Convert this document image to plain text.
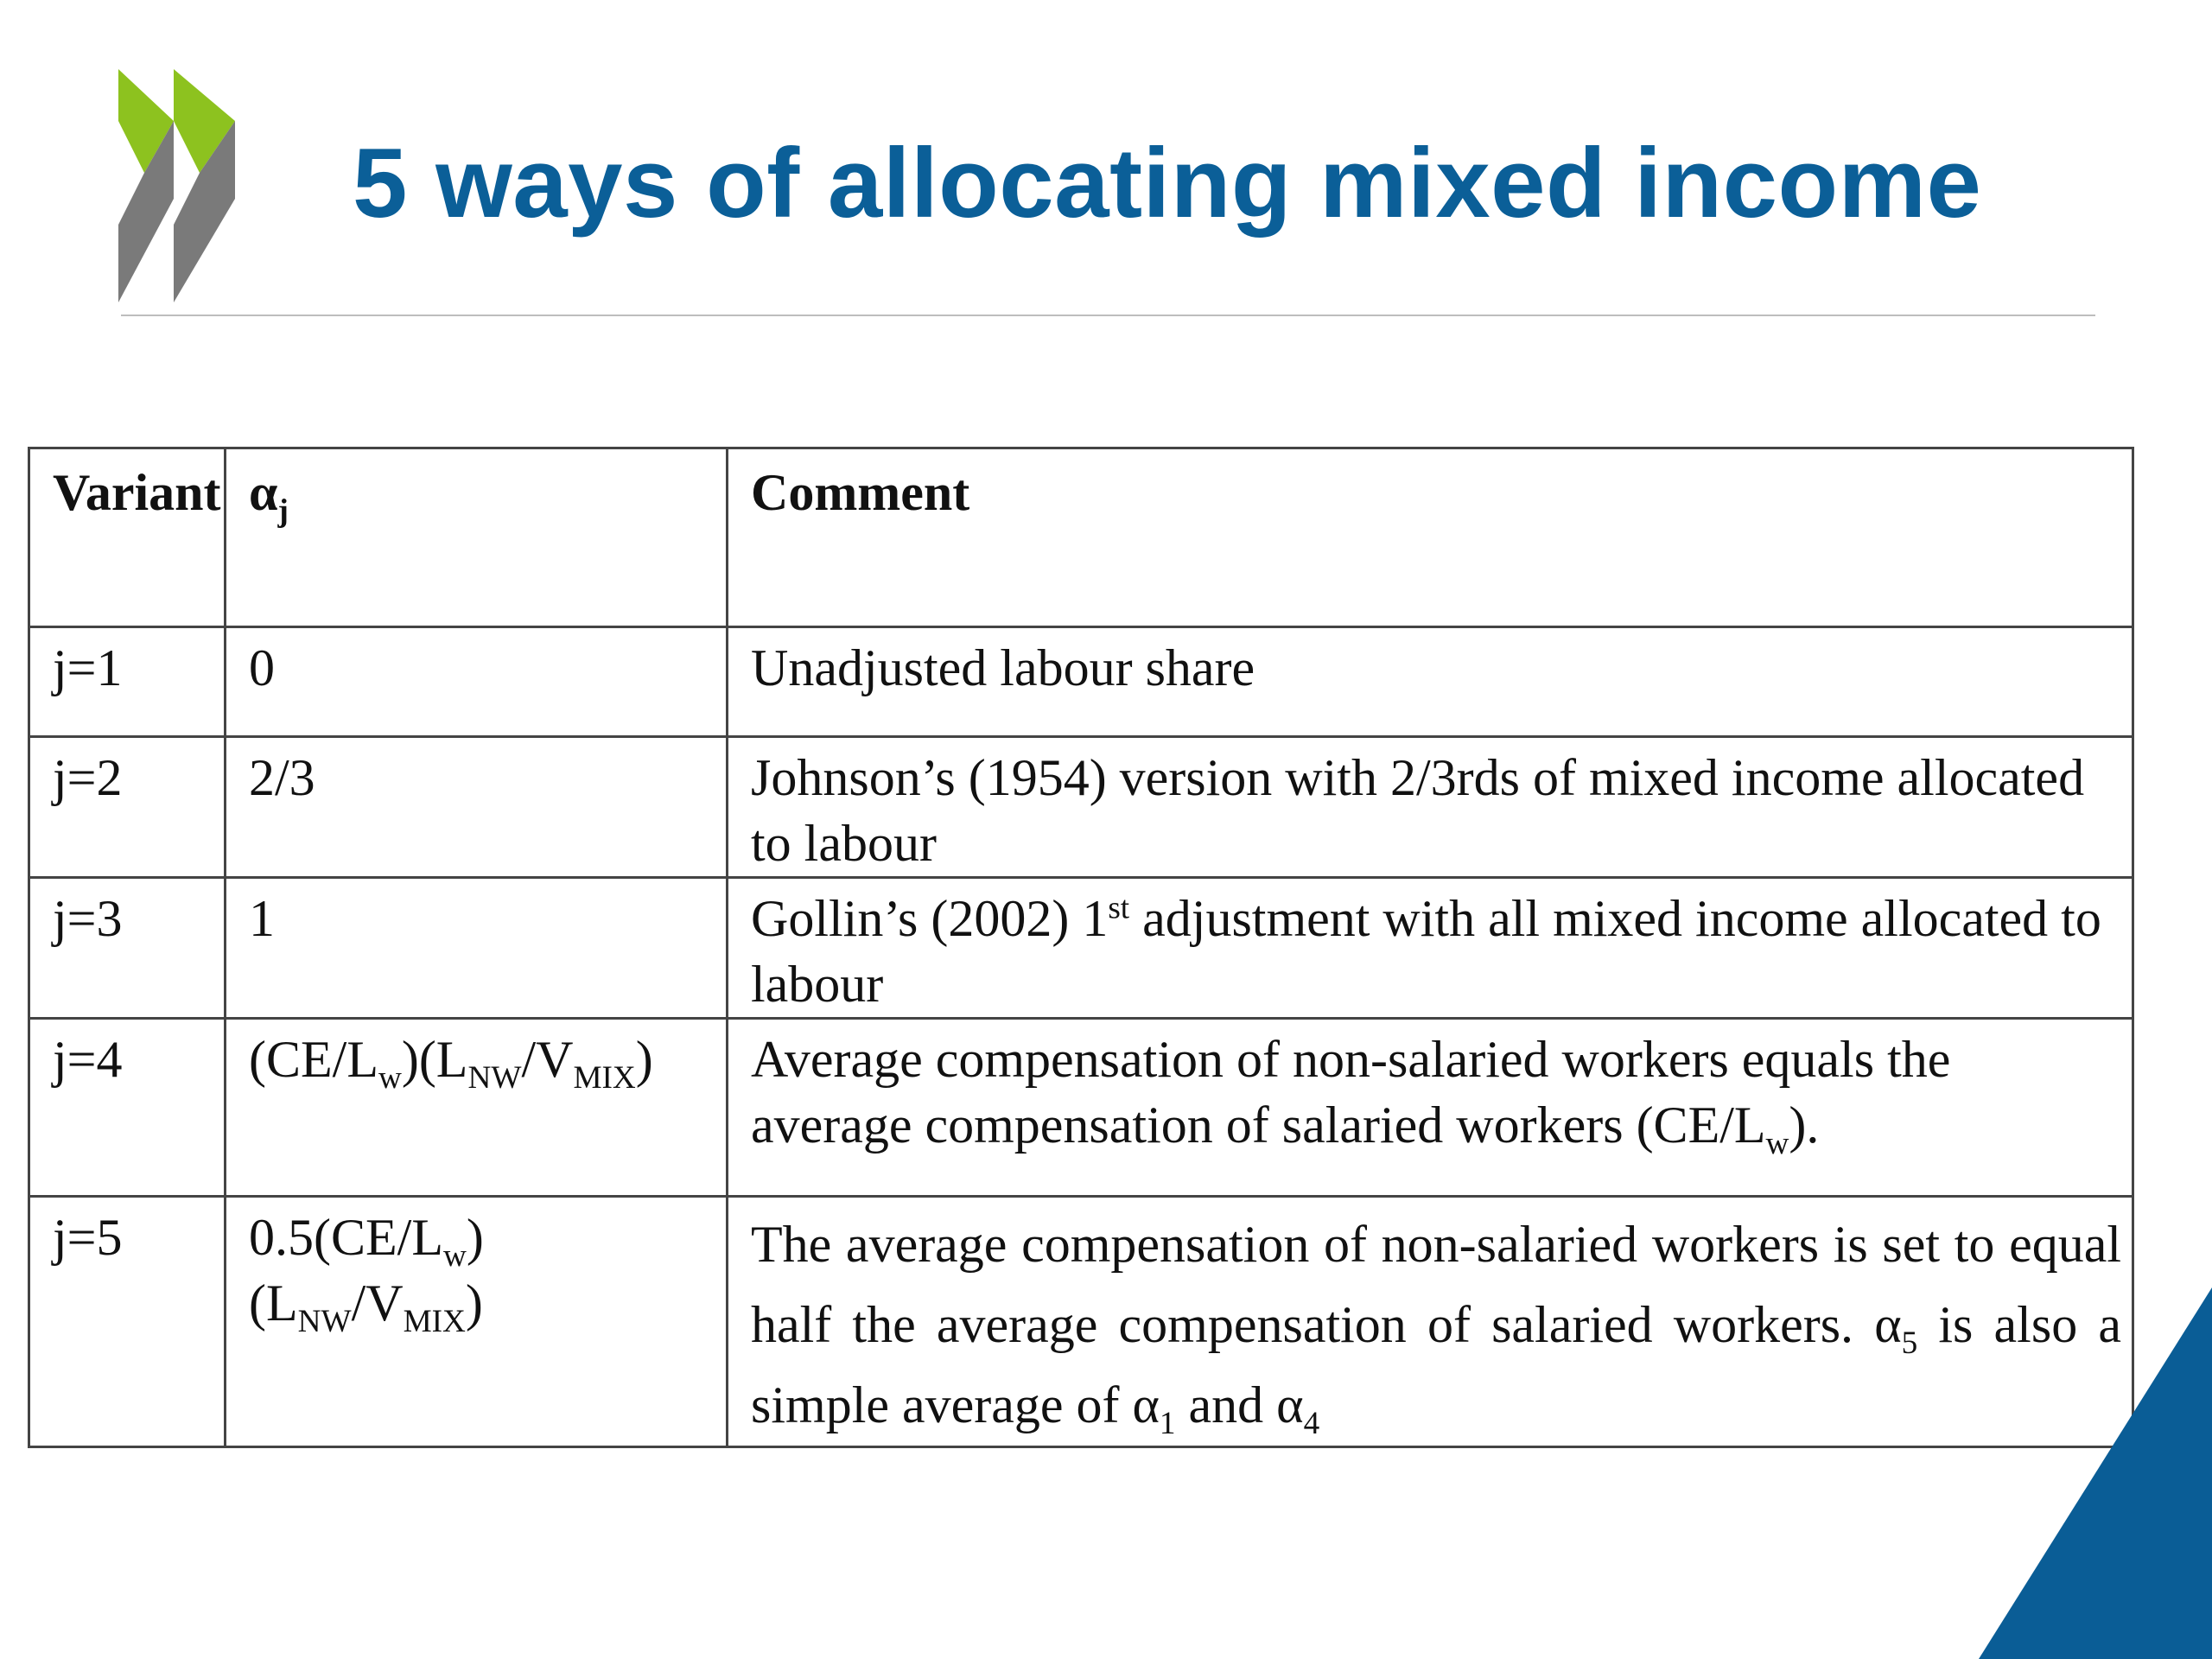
5 ways of allocating mixed income
Variant	$\alpha_j$	Comment
j=1	0	Unadjusted labour share
j=2	2/3	Johnson’s (1954) version with 2/3rds of mixed income allocated to labour
j=3	1	Gollin’s (2002) 1st adjustment with all mixed income allocated to labour
j=4	$(CE/L_w)(L_{NW}/V_{MIX})$	Average compensation of non-salaried workers equals the average compensation of salaried workers $(CE/L_w)$.
j=5	$0.5(CE/L_w)(L_{NW}/V_{MIX})$	The average compensation of non-salaried workers is set to equal half the average compensation of salaried workers. $\alpha_5$ is also a simple average of $\alpha_1$ and $\alpha_4$
